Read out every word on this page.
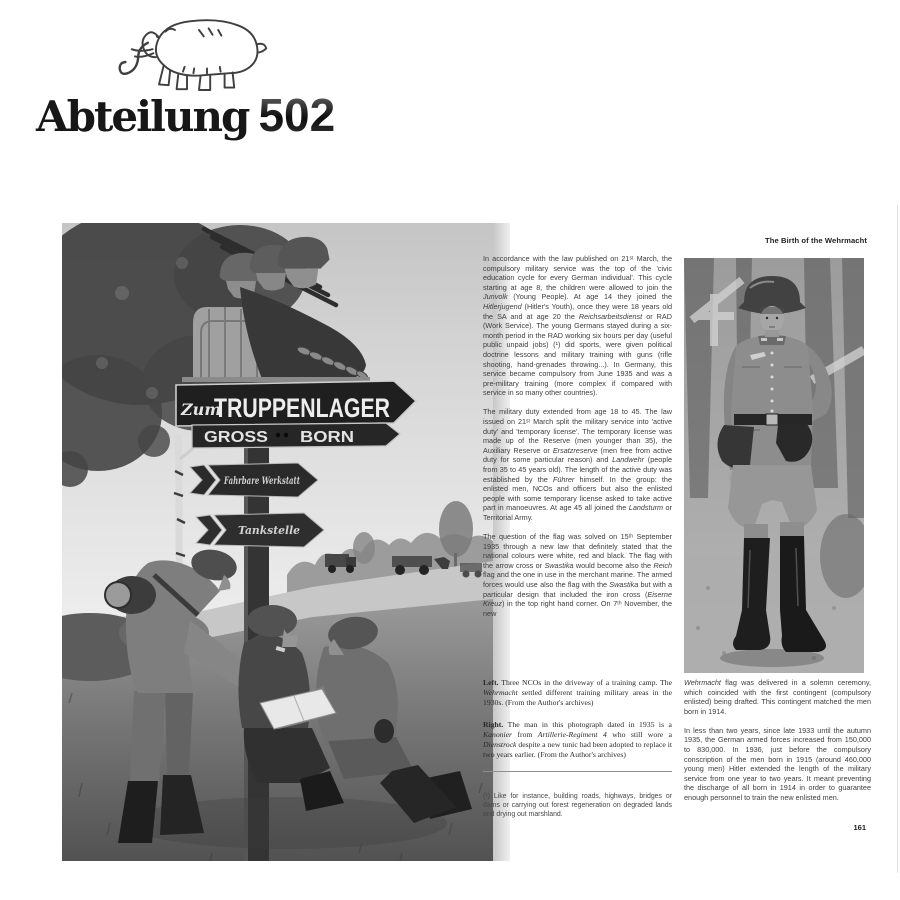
Abteilung 502
Zum
TRUPPENLAGER
GROSS BORN
Fahrbare Werkstatt
Tankstelle
The Birth of the Wehrmacht

In accordance with the law published on 21ˢᵗ March, the compulsory military service was the top of the 'civic education cycle for every German individual'. This cycle starting at age 8, the children were allowed to join the Junvolk (Young People). At age 14 they joined the Hitlerjugend (Hitler's Youth), once they were 18 years old the SA and at age 20 the Reichsarbeitsdienst or RAD (Work Service). The young Germans stayed during a six-month period in the RAD working six hours per day (useful public unpaid jobs) (¹) did sports, were given political doctrine lessons and military training with guns (rifle shooting, hand-grenades throwing...). In Germany, this service became compulsory from June 1935 and was a pre-military training (more complex if compared with service in so many other countries).

The military duty extended from age 18 to 45. The law issued on 21ˢᵗ March split the military service into 'active duty' and 'temporary license'. The temporary license was made up of the Reserve (men younger than 35), the Auxiliary Reserve or Ersatzreserve (men free from active duty for some particular reason) and Landwehr (people from 35 to 45 years old). The length of the active duty was established by the Führer himself. In the group: the enlisted men, NCOs and officers but also the enlisted people with some temporary license asked to take active part in manoeuvres. At age 45 all joined the Landsturm or Territorial Army.

The question of the flag was solved on 15ᵗʰ September 1935 through a new law that definitely stated that the national colours were white, red and black. The flag with the arrow cross or Swastika would become also the Reich flag and the one in use in the merchant marine. The armed forces would use also the flag with the Swastika but with a particular design that included the iron cross (Eiserne Kreuz) in the top right hand corner. On 7ᵗʰ November, the new

Wehrmacht flag was delivered in a solemn ceremony, which coincided with the first contingent (compulsory enlisted) being drafted. This contingent matched the men born in 1914.

In less than two years, since late 1933 until the autumn 1935, the German armed forces increased from 150,000 to 830,000. In 1936, just before the compulsory conscription of the men born in 1915 (around 460,000 young men) Hitler extended the length of the military service from one year to two years. It meant preventing the discharge of all born in 1914 in order to guarantee enough personnel to train the new enlisted men.

Left. Three NCOs in the driveway of a training camp. The Wehrmacht settled different training military areas in the 1930s. (From the Author's archives)

Right. The man in this photograph dated in 1935 is a Kanonier from Artillerie-Regiment 4 who still wore a Dienstrock despite a new tunic had been adopted to replace it two years earlier. (From the Author's archives)

(¹) Like for instance, building roads, highways, bridges or dams or carrying out forest regeneration on degraded lands and drying out marshland.

161
